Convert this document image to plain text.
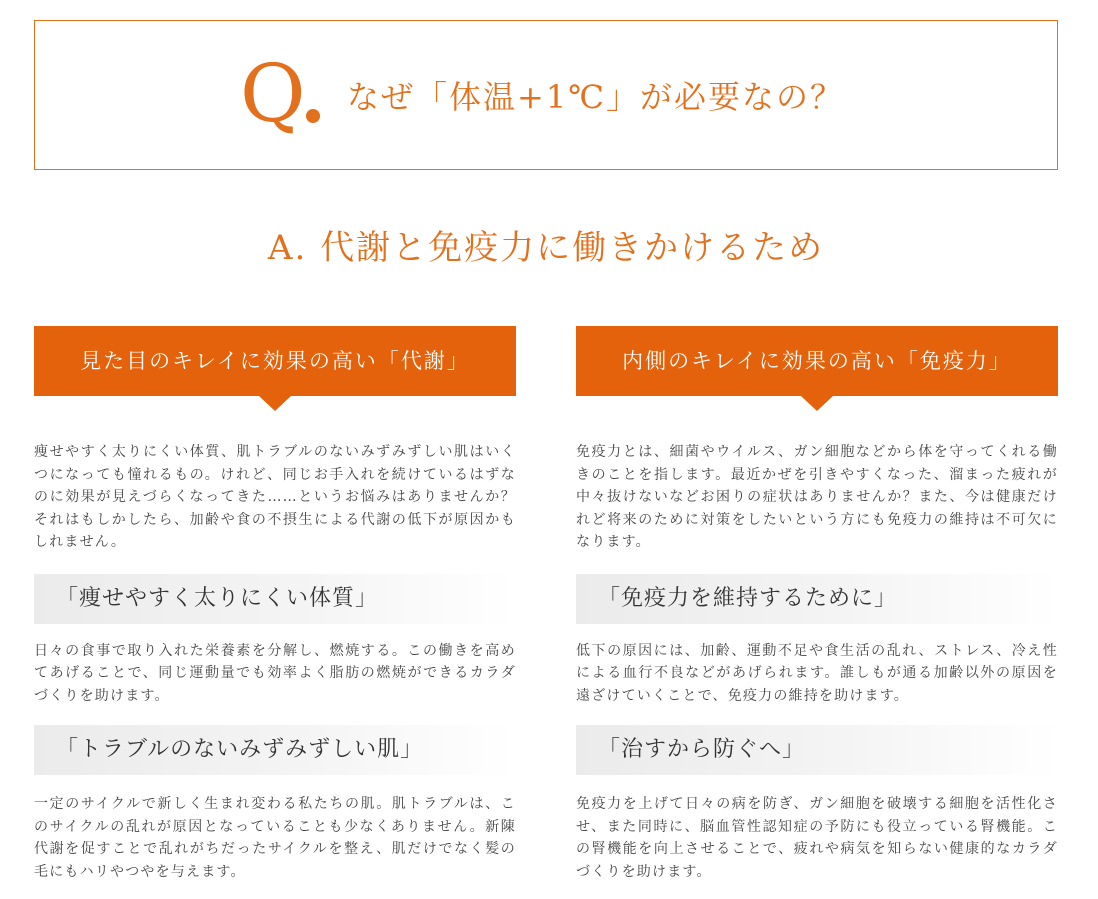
Q なぜ「体温+1℃」が必要なの？
A. 代謝と免疫力に働きかけるため
見た目のキレイに効果の高い「代謝」

痩せやすく太りにくい体質、肌トラブルのないみずみずしい肌はいくつになっても憧れるもの。けれど、同じお手入れを続けているはずなのに効果が見えづらくなってきた……というお悩みはありませんか？それはもしかしたら、加齢や食の不摂生による代謝の低下が原因かもしれません。

「痩せやすく太りにくい体質」

日々の食事で取り入れた栄養素を分解し、燃焼する。この働きを高めてあげることで、同じ運動量でも効率よく脂肪の燃焼ができるカラダづくりを助けます。

「トラブルのないみずみずしい肌」

一定のサイクルで新しく生まれ変わる私たちの肌。肌トラブルは、このサイクルの乱れが原因となっていることも少なくありません。新陳代謝を促すことで乱れがちだったサイクルを整え、肌だけでなく髪の毛にもハリやつやを与えます。

内側のキレイに効果の高い「免疫力」

免疫力とは、細菌やウイルス、ガン細胞などから体を守ってくれる働きのことを指します。最近かぜを引きやすくなった、溜まった疲れが中々抜けないなどお困りの症状はありませんか？また、今は健康だけれど将来のために対策をしたいという方にも免疫力の維持は不可欠になります。

「免疫力を維持するために」

低下の原因には、加齢、運動不足や食生活の乱れ、ストレス、冷え性による血行不良などがあげられます。誰しもが通る加齢以外の原因を遠ざけていくことで、免疫力の維持を助けます。

「治すから防ぐへ」

免疫力を上げて日々の病を防ぎ、ガン細胞を破壊する細胞を活性化させ、また同時に、脳血管性認知症の予防にも役立っている腎機能。この腎機能を向上させることで、疲れや病気を知らない健康的なカラダづくりを助けます。
